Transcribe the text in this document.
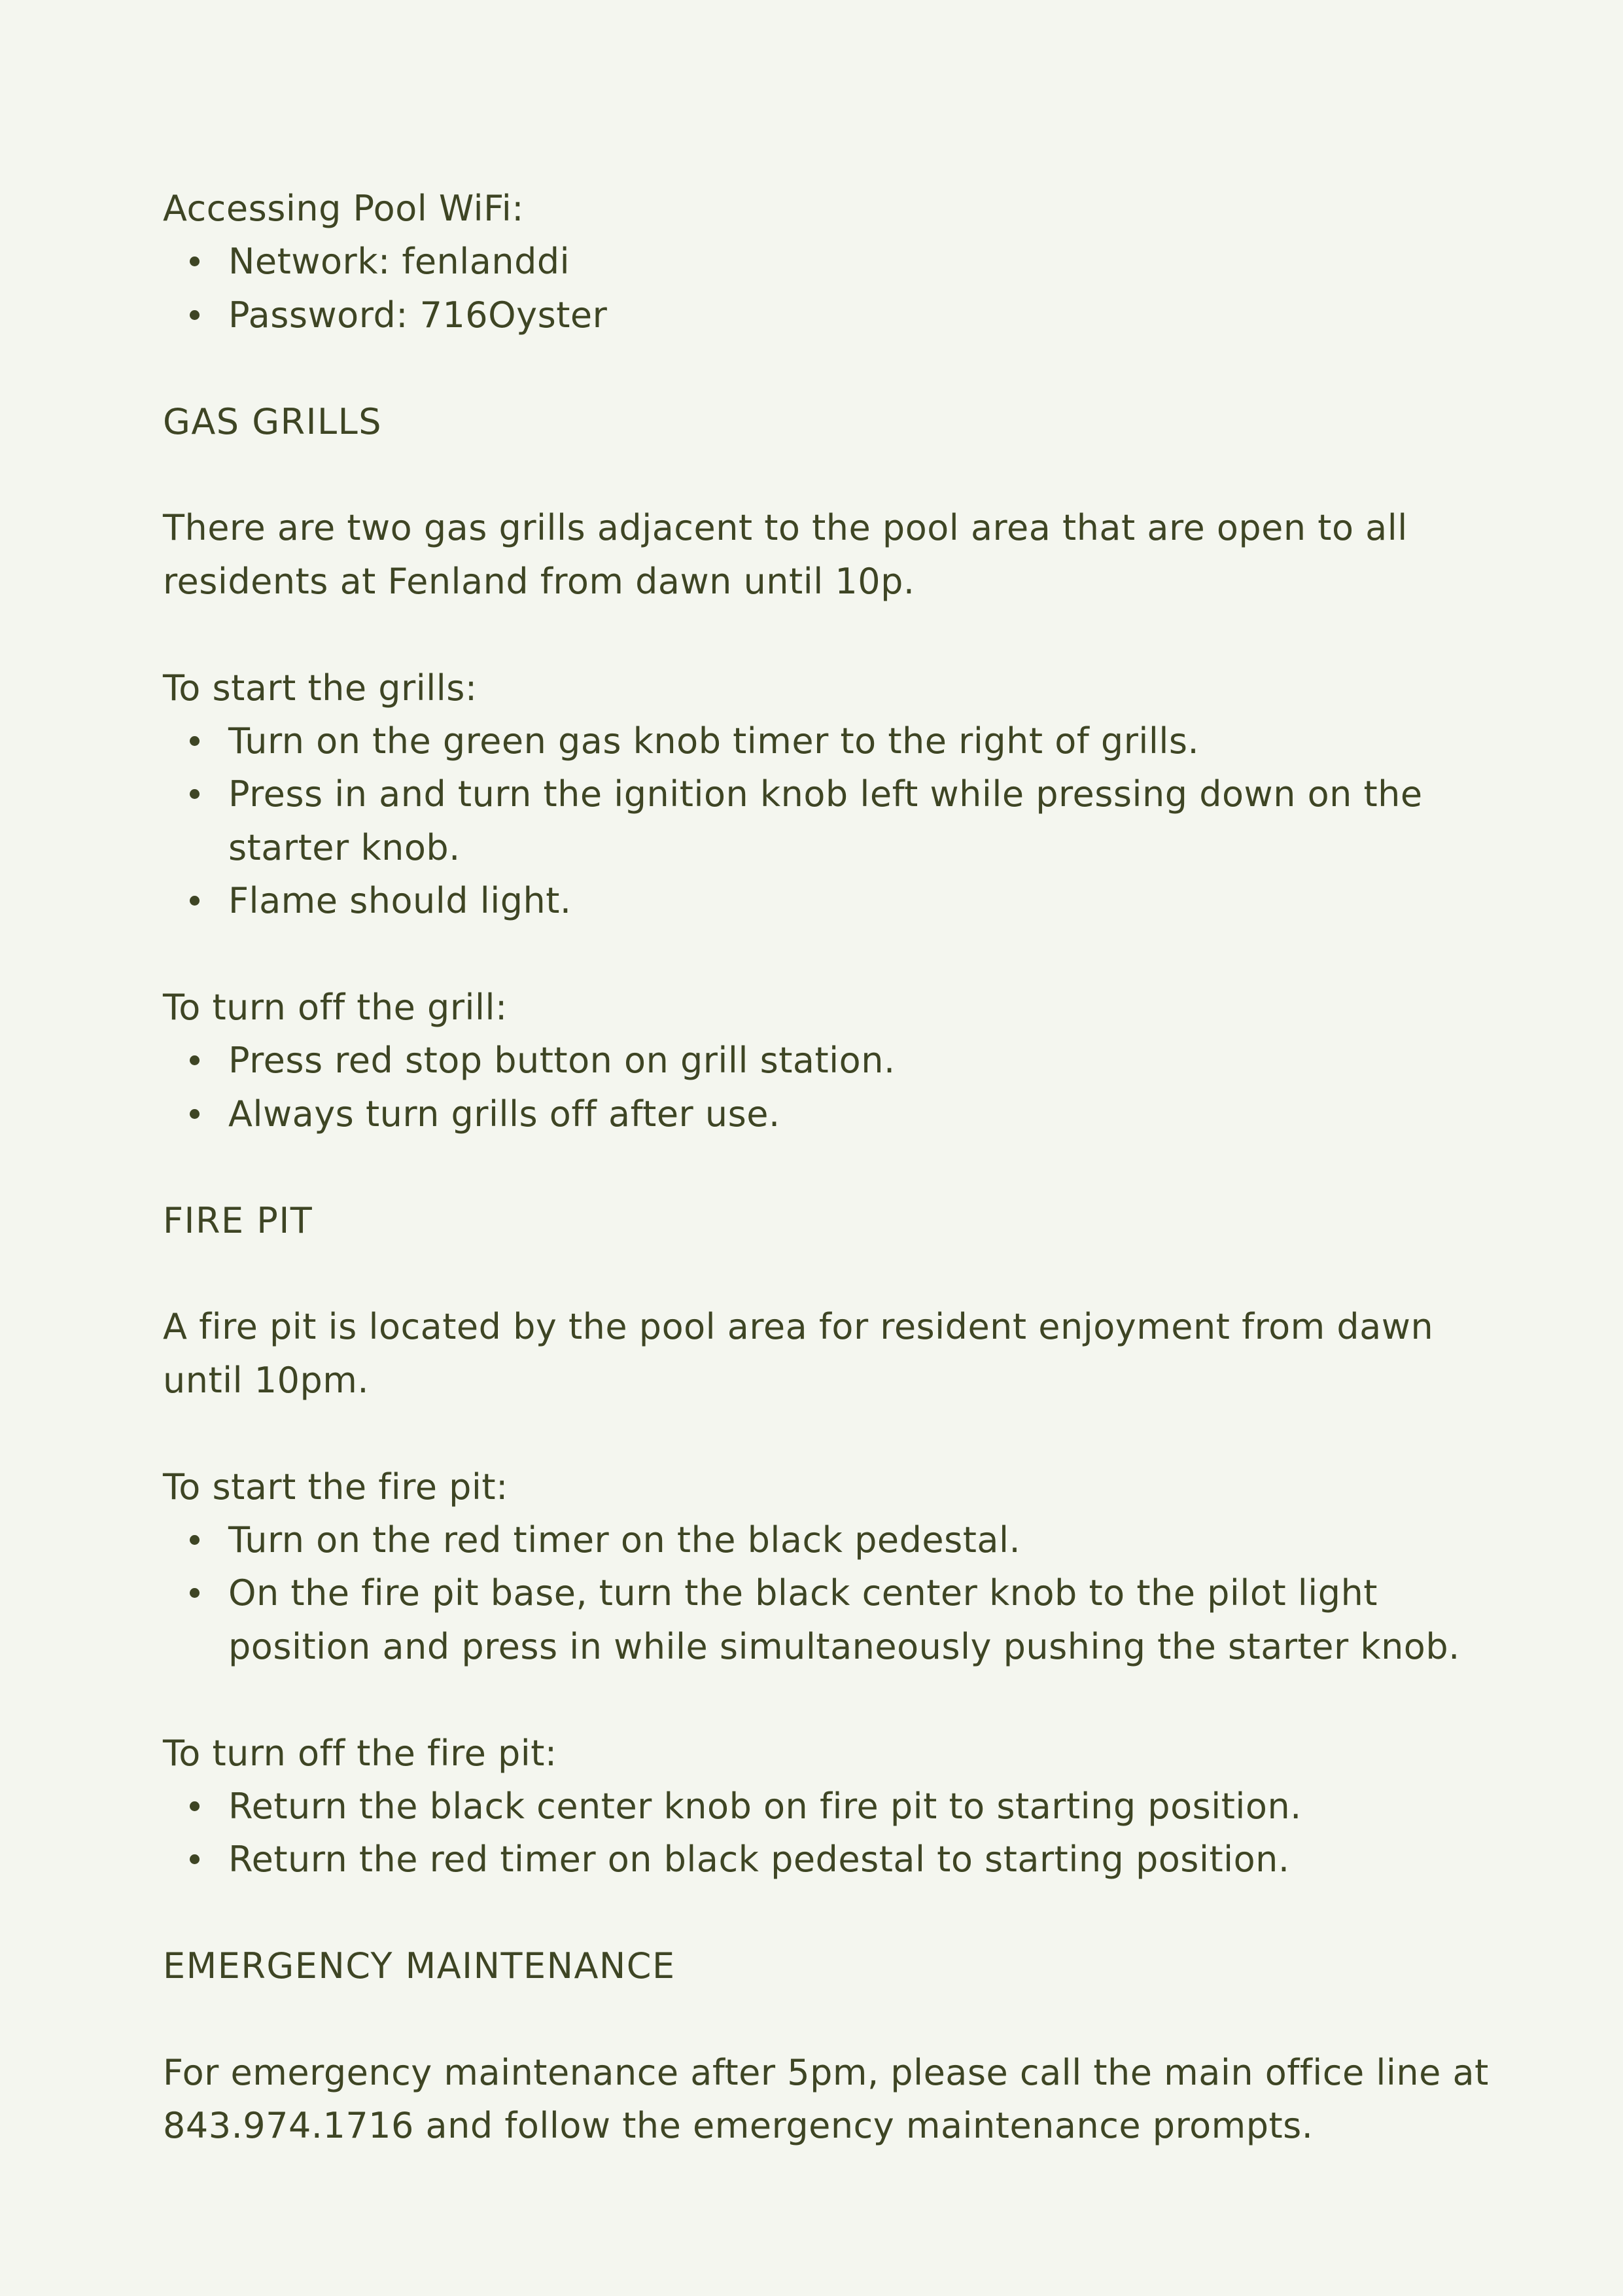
Accessing Pool WiFi:

Network: fenlanddi
Password: 716Oyster
GAS GRILLS

There are two gas grills adjacent to the pool area that are open to all residents at Fenland from dawn until 10p.

To start the grills:

Turn on the green gas knob timer to the right of grills.
Press in and turn the ignition knob left while pressing down on the starter knob.
Flame should light.

To turn off the grill:

Press red stop button on grill station.
Always turn grills off after use.
FIRE PIT

A fire pit is located by the pool area for resident enjoyment from dawn until 10pm.

To start the fire pit:

Turn on the red timer on the black pedestal.
On the fire pit base, turn the black center knob to the pilot light position and press in while simultaneously pushing the starter knob.

To turn off the fire pit:

Return the black center knob on fire pit to starting position.
Return the red timer on black pedestal to starting position.
EMERGENCY MAINTENANCE

For emergency maintenance after 5pm, please call the main office line at 843.974.1716 and follow the emergency maintenance prompts.
